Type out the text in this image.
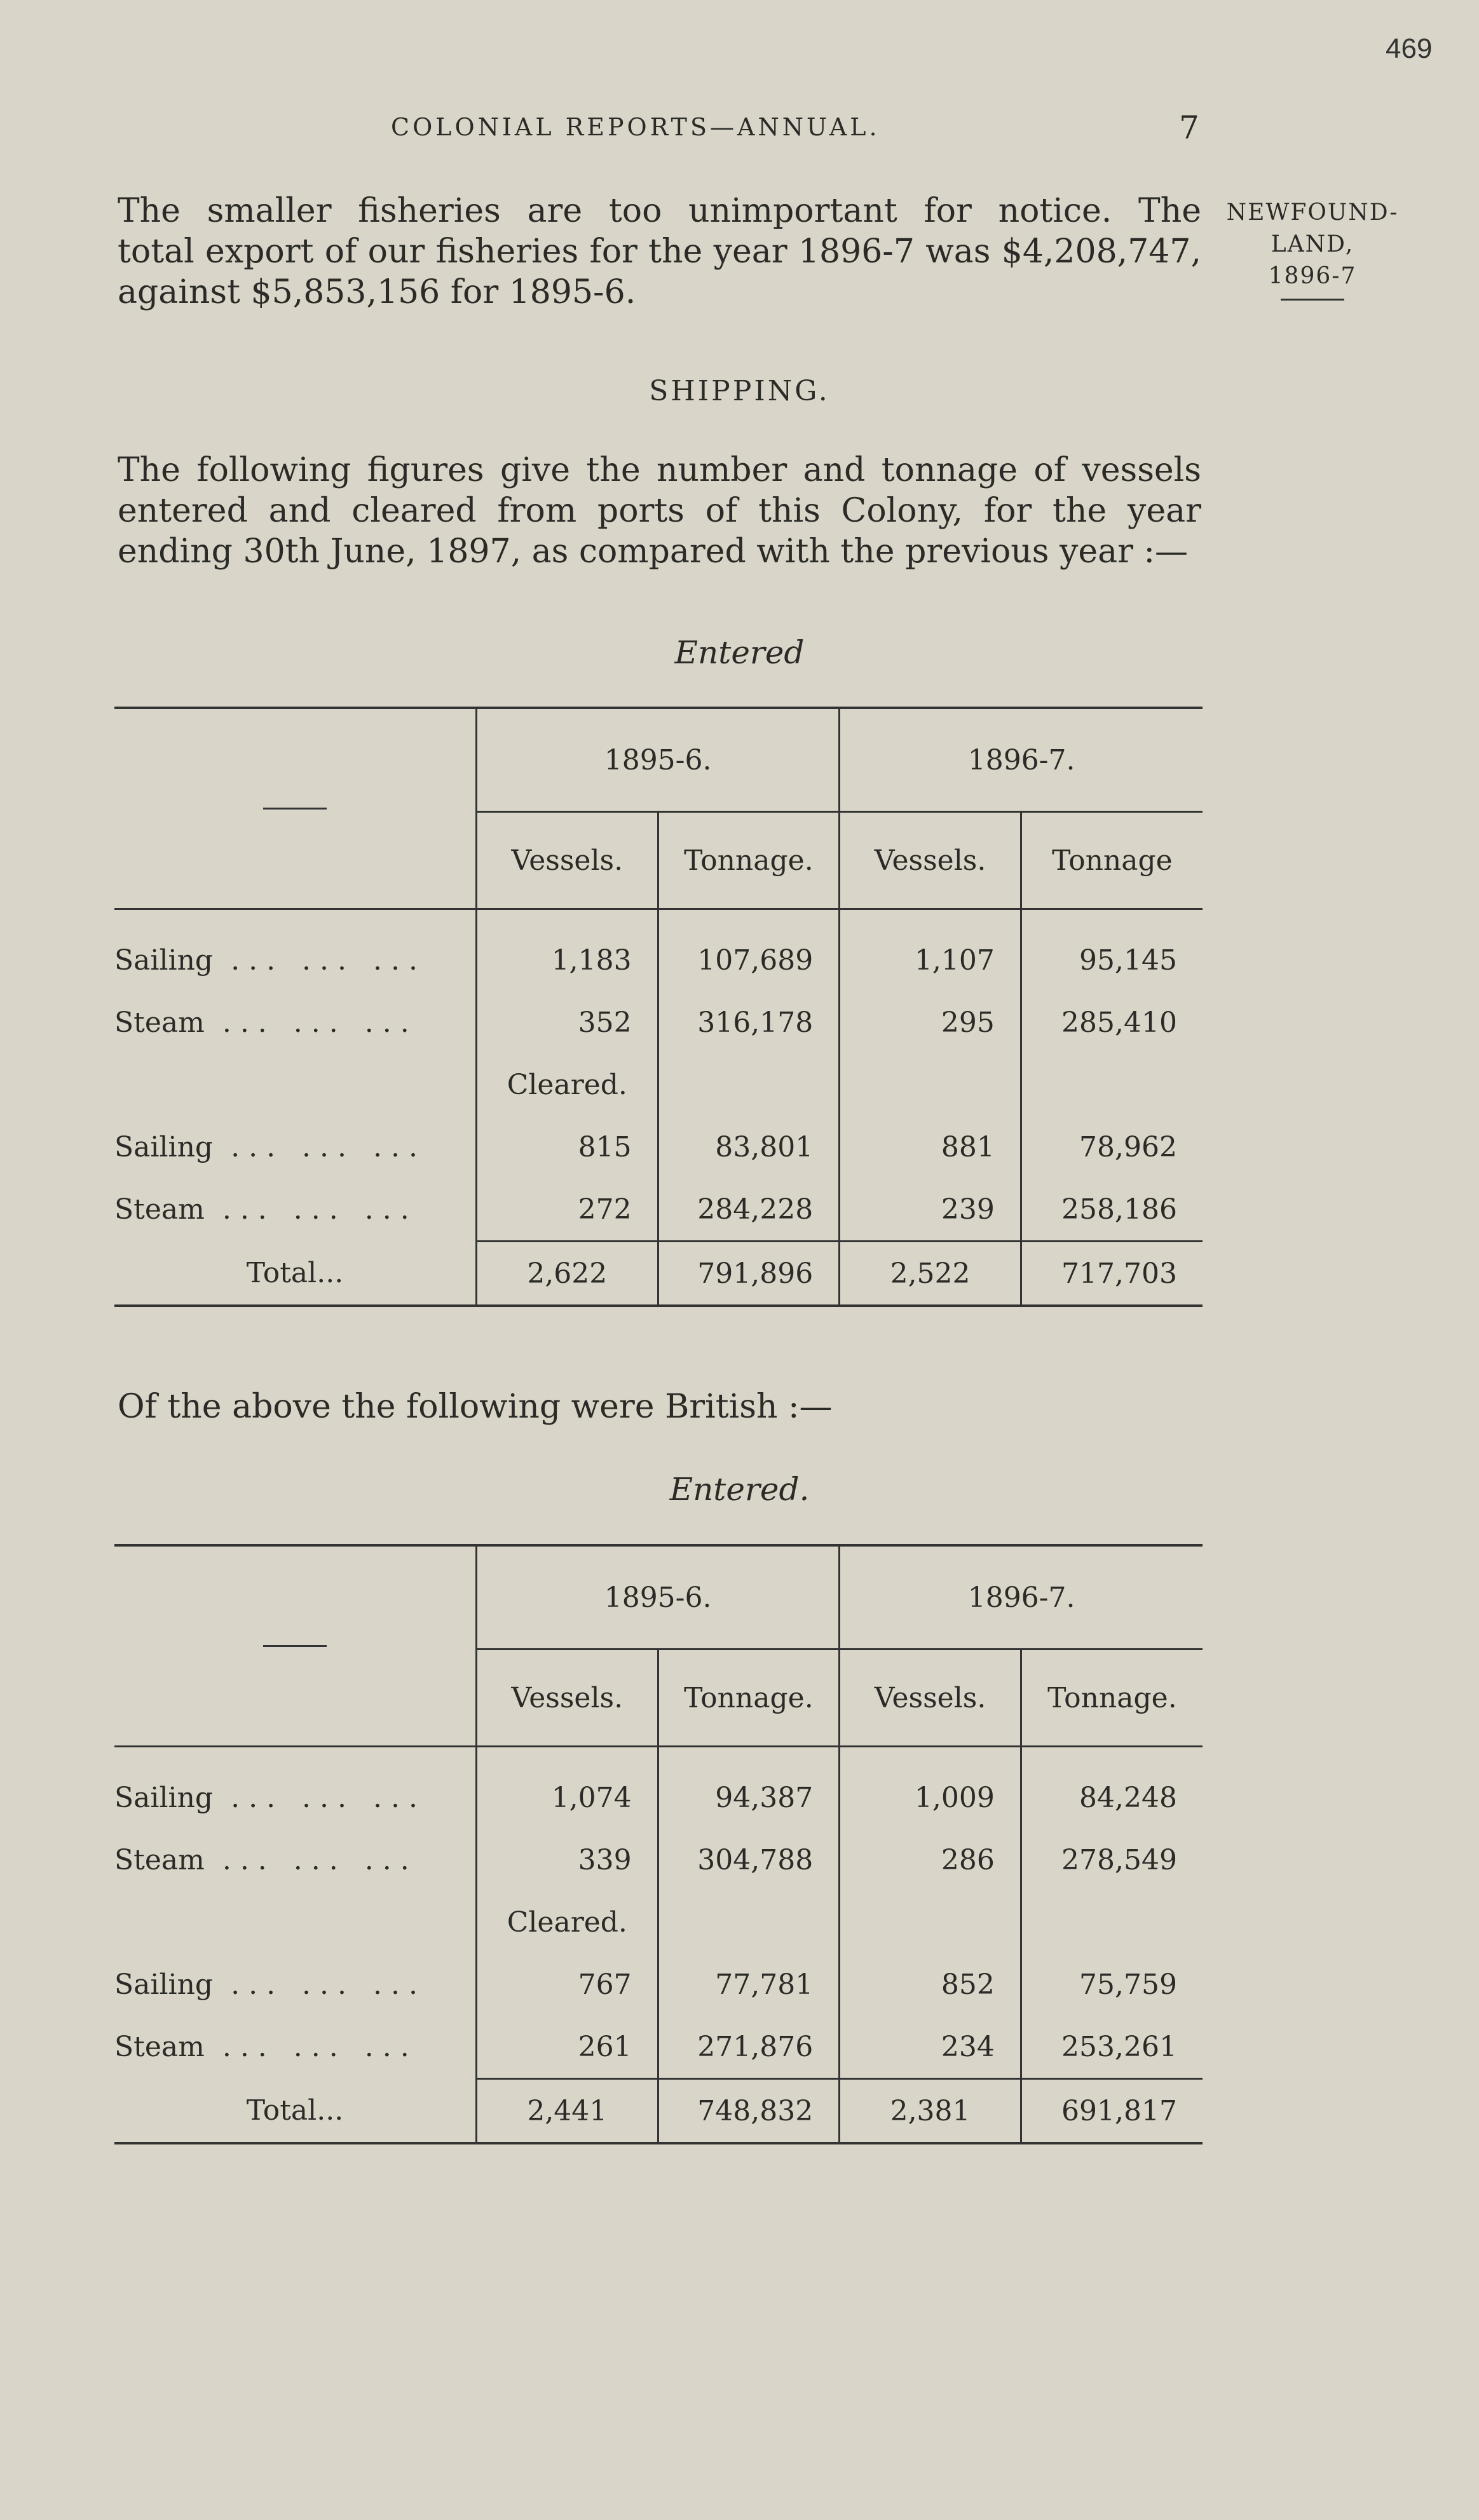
469
COLONIAL REPORTS—ANNUAL.	7
The smaller fisheries are too unimportant for notice. The
total export of our fisheries for the year 1896-7 was $4,208,747,
against $5,853,156 for 1895-6.
NEWFOUND-
LAND,
1896-7
SHIPPING.
The following figures give the number and tonnage of vessels
entered and cleared from ports of this Colony, for the year
ending 30th June, 1897, as compared with the previous year :—
Entered
	1895-6.		1896-7.	
	Vessels.	Tonnage.	Vessels.	Tonnage
Sailing ... ... ...	1,183	107,689	1,107	95,145
Steam ... ... ...	352	316,178	295	285,410
	Cleared.			
Sailing ... ... ...	815	83,801	881	78,962
Steam ... ... ...	272	284,228	239	258,186
Total...	2,622	791,896	2,522	717,703
Of the above the following were British :—
Entered.
	1895-6.		1896-7.	
	Vessels.	Tonnage.	Vessels.	Tonnage.
Sailing ... ... ...	1,074	94,387	1,009	84,248
Steam ... ... ...	339	304,788	286	278,549
	Cleared.			
Sailing ... ... ...	767	77,781	852	75,759
Steam ... ... ...	261	271,876	234	253,261
Total...	2,441	748,832	2,381	691,817
